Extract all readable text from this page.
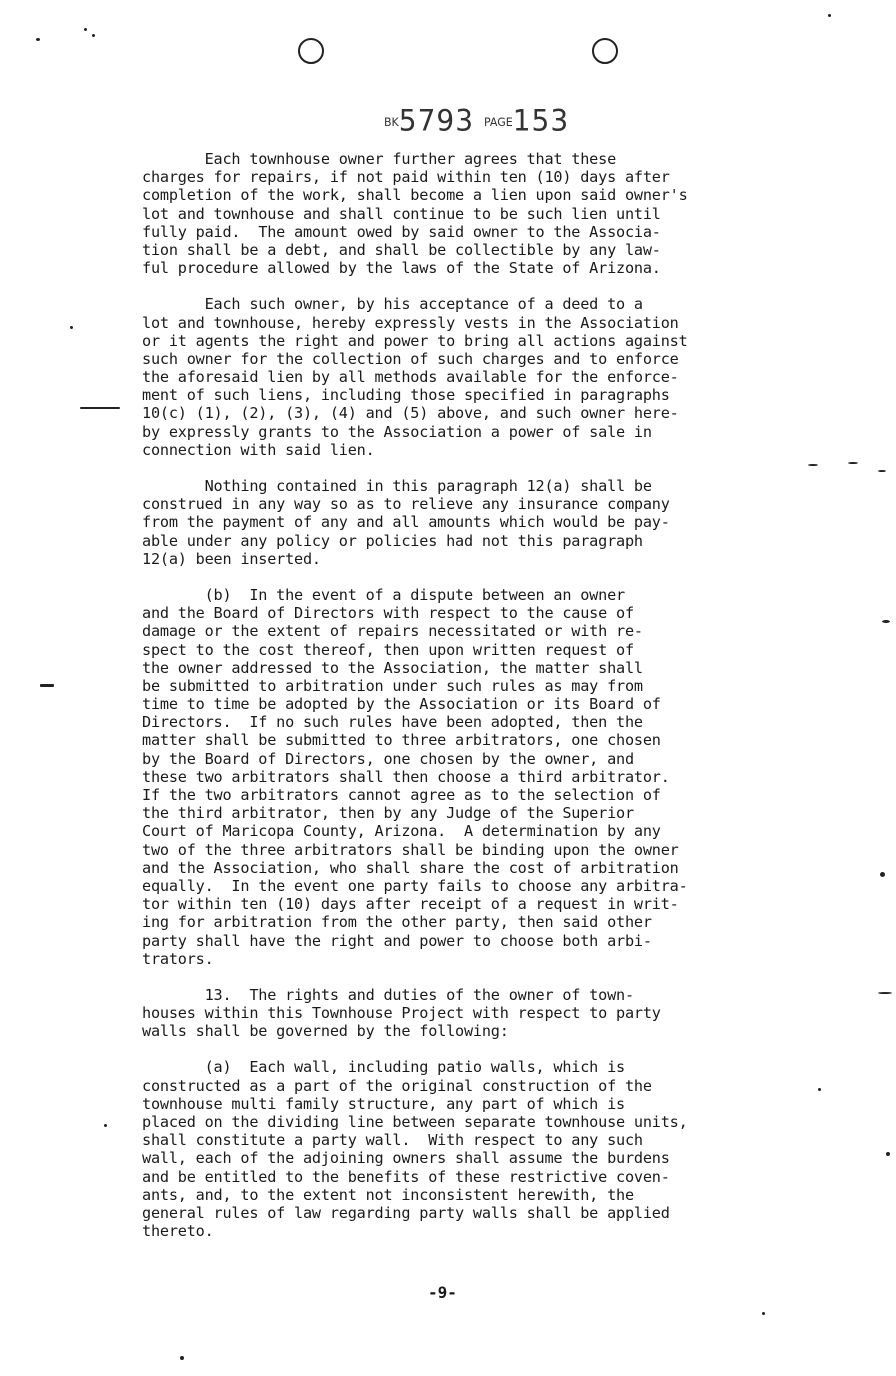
BK5793 PAGE153
Each townhouse owner further agrees that these
charges for repairs, if not paid within ten (10) days after
completion of the work, shall become a lien upon said owner's
lot and townhouse and shall continue to be such lien until
fully paid.  The amount owed by said owner to the Associa-
tion shall be a debt, and shall be collectible by any law-
ful procedure allowed by the laws of the State of Arizona.
Each such owner, by his acceptance of a deed to a
lot and townhouse, hereby expressly vests in the Association
or it agents the right and power to bring all actions against
such owner for the collection of such charges and to enforce
the aforesaid lien by all methods available for the enforce-
ment of such liens, including those specified in paragraphs
10(c) (1), (2), (3), (4) and (5) above, and such owner here-
by expressly grants to the Association a power of sale in
connection with said lien.
Nothing contained in this paragraph 12(a) shall be
construed in any way so as to relieve any insurance company
from the payment of any and all amounts which would be pay-
able under any policy or policies had not this paragraph
12(a) been inserted.
(b)  In the event of a dispute between an owner
and the Board of Directors with respect to the cause of
damage or the extent of repairs necessitated or with re-
spect to the cost thereof, then upon written request of
the owner addressed to the Association, the matter shall
be submitted to arbitration under such rules as may from
time to time be adopted by the Association or its Board of
Directors.  If no such rules have been adopted, then the
matter shall be submitted to three arbitrators, one chosen
by the Board of Directors, one chosen by the owner, and
these two arbitrators shall then choose a third arbitrator.
If the two arbitrators cannot agree as to the selection of
the third arbitrator, then by any Judge of the Superior
Court of Maricopa County, Arizona.  A determination by any
two of the three arbitrators shall be binding upon the owner
and the Association, who shall share the cost of arbitration
equally.  In the event one party fails to choose any arbitra-
tor within ten (10) days after receipt of a request in writ-
ing for arbitration from the other party, then said other
party shall have the right and power to choose both arbi-
trators.
13.  The rights and duties of the owner of town-
houses within this Townhouse Project with respect to party
walls shall be governed by the following:
(a)  Each wall, including patio walls, which is
constructed as a part of the original construction of the
townhouse multi family structure, any part of which is
placed on the dividing line between separate townhouse units,
shall constitute a party wall.  With respect to any such
wall, each of the adjoining owners shall assume the burdens
and be entitled to the benefits of these restrictive coven-
ants, and, to the extent not inconsistent herewith, the
general rules of law regarding party walls shall be applied
thereto.
-9-
